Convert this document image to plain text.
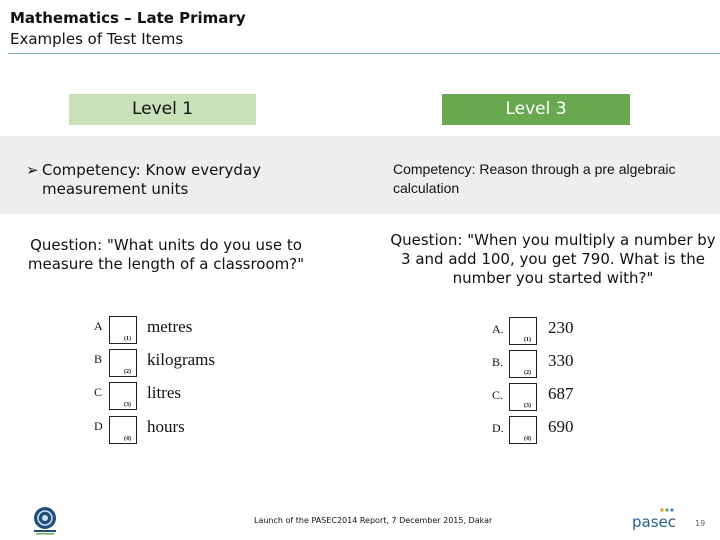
Mathematics – Late Primary
Examples of Test Items
Level 1	Level 3
➢ Competency: Know everyday measurement units
Competency: Reason through a pre algebraic calculation
Question: "What units do you use to measure the length of a classroom?"
Question: "When you multiply a number by 3 and add 100, you get 790. What is the number you started with?"
A
(1)
metres
B
(2)
kilograms
C
(3)
litres
D
(4)
hours
A.
(1)
230
B.
(2)
330
C.
(3)
687
D.
(4)
690
Launch of the PASEC2014 Report, 7 December 2015, Dakar	pasec 19
